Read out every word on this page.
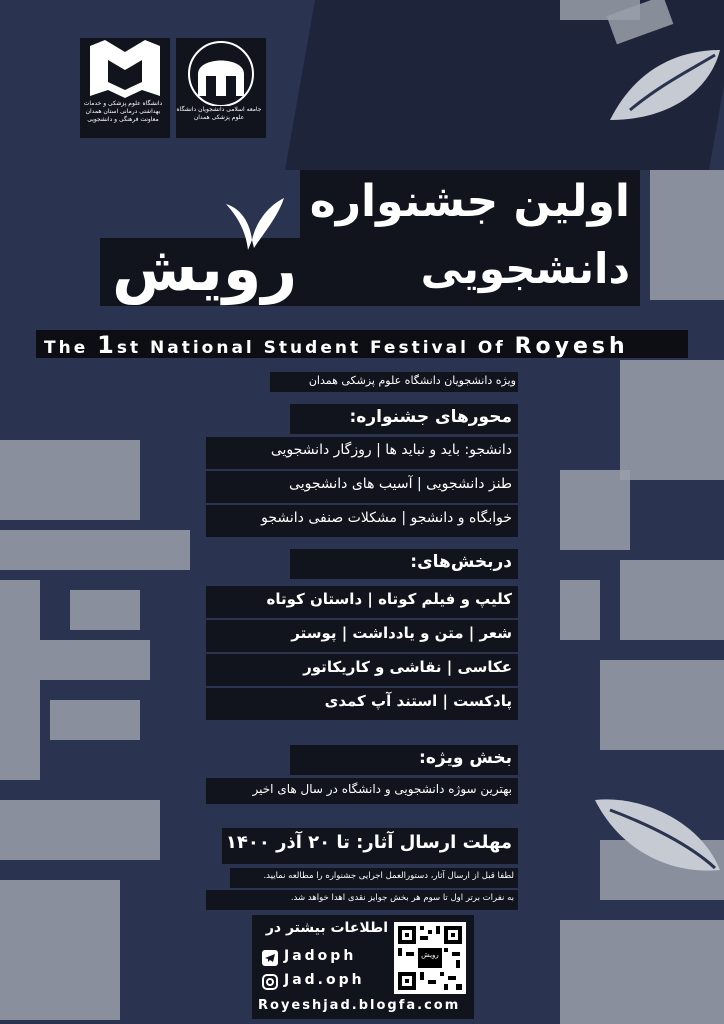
دانشگاه علوم پزشکی و خدمات بهداشتی درمانی استان همدان معاونت فرهنگی و دانشجویی
جامعه اسلامی دانشجویان دانشگاه علوم پزشکی همدان
اولین جشنواره
دانشجویی
رویش
The 1st National Student Festival Of Royesh
ویژه دانشجویان دانشگاه علوم پزشکی همدان
محورهای جشنواره:
دانشجو: باید و نباید ها | روزگار دانشجویی
طنز دانشجویی | آسیب های دانشجویی
خوابگاه و دانشجو | مشکلات صنفی دانشجو
دربخش‌های:
کلیپ و فیلم کوتاه | داستان کوتاه
شعر | متن و یادداشت | پوستر
عکاسی | نقاشی و کاریکاتور
پادکست | استند آپ کمدی
بخش ویژه:
بهترین سوژه دانشجویی و دانشگاه در سال های اخیر
مهلت ارسال آثار: تا ۲۰ آذر ۱۴۰۰
لطفا قبل از ارسال آثار، دستورالعمل اجرایی جشنواره را مطالعه نمایید.
به نفرات برتر اول تا سوم هر بخش جوایز نقدی اهدا خواهد شد.
اطلاعات بیشتر در
Jadoph
Jad.oph
Royeshjad.blogfa.com
رویش
